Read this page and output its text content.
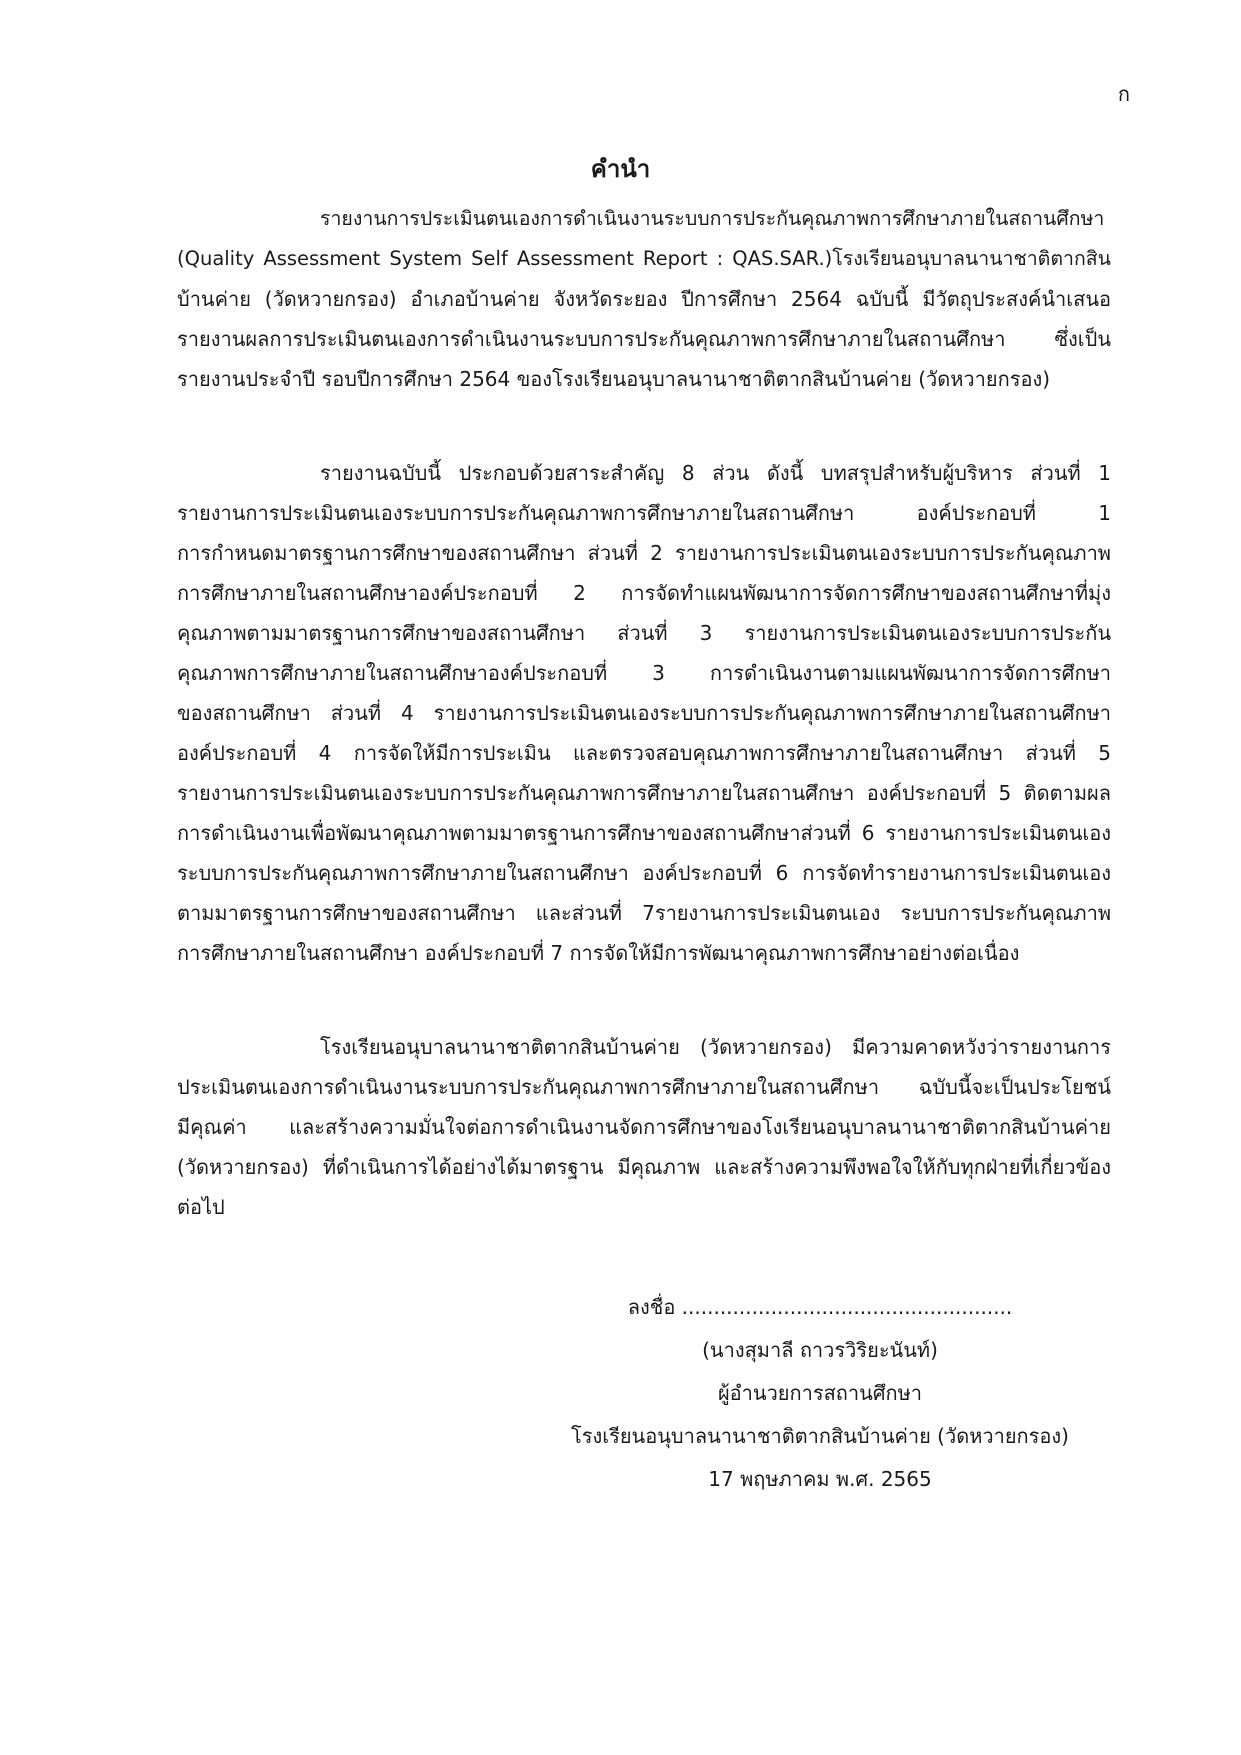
ก
คำนำ
รายงานการประเมินตนเองการดำเนินงานระบบการประกันคุณภาพการศึกษาภายในสถานศึกษา
(Quality Assessment System Self Assessment Report : QAS.SAR.)โรงเรียนอนุบาลนานาชาติตากสิน
บ้านค่าย (วัดหวายกรอง) อำเภอบ้านค่าย จังหวัดระยอง ปีการศึกษา 2564 ฉบับนี้ มีวัตถุประสงค์นำเสนอ
รายงานผลการประเมินตนเองการดำเนินงานระบบการประกันคุณภาพการศึกษาภายในสถานศึกษา ซึ่งเป็น
รายงานประจำปี รอบปีการศึกษา 2564 ของโรงเรียนอนุบาลนานาชาติตากสินบ้านค่าย (วัดหวายกรอง)
รายงานฉบับนี้ ประกอบด้วยสาระสำคัญ 8 ส่วน ดังนี้ บทสรุปสำหรับผู้บริหาร ส่วนที่ 1
รายงานการประเมินตนเองระบบการประกันคุณภาพการศึกษาภายในสถานศึกษา องค์ประกอบที่ 1
การกำหนดมาตรฐานการศึกษาของสถานศึกษา ส่วนที่ 2 รายงานการประเมินตนเองระบบการประกันคุณภาพ
การศึกษาภายในสถานศึกษาองค์ประกอบที่ 2 การจัดทำแผนพัฒนาการจัดการศึกษาของสถานศึกษาที่มุ่ง
คุณภาพตามมาตรฐานการศึกษาของสถานศึกษา ส่วนที่ 3 รายงานการประเมินตนเองระบบการประกัน
คุณภาพการศึกษาภายในสถานศึกษาองค์ประกอบที่ 3 การดำเนินงานตามแผนพัฒนาการจัดการศึกษา
ของสถานศึกษา ส่วนที่ 4 รายงานการประเมินตนเองระบบการประกันคุณภาพการศึกษาภายในสถานศึกษา
องค์ประกอบที่ 4 การจัดให้มีการประเมิน และตรวจสอบคุณภาพการศึกษาภายในสถานศึกษา ส่วนที่ 5
รายงานการประเมินตนเองระบบการประกันคุณภาพการศึกษาภายในสถานศึกษา องค์ประกอบที่ 5 ติดตามผล
การดำเนินงานเพื่อพัฒนาคุณภาพตามมาตรฐานการศึกษาของสถานศึกษาส่วนที่ 6 รายงานการประเมินตนเอง
ระบบการประกันคุณภาพการศึกษาภายในสถานศึกษา องค์ประกอบที่ 6 การจัดทำรายงานการประเมินตนเอง
ตามมาตรฐานการศึกษาของสถานศึกษา และส่วนที่ 7รายงานการประเมินตนเอง ระบบการประกันคุณภาพ
การศึกษาภายในสถานศึกษา องค์ประกอบที่ 7 การจัดให้มีการพัฒนาคุณภาพการศึกษาอย่างต่อเนื่อง
โรงเรียนอนุบาลนานาชาติตากสินบ้านค่าย (วัดหวายกรอง) มีความคาดหวังว่ารายงานการ
ประเมินตนเองการดำเนินงานระบบการประกันคุณภาพการศึกษาภายในสถานศึกษา ฉบับนี้จะเป็นประโยชน์
มีคุณค่า และสร้างความมั่นใจต่อการดำเนินงานจัดการศึกษาของโงเรียนอนุบาลนานาชาติตากสินบ้านค่าย
(วัดหวายกรอง) ที่ดำเนินการได้อย่างได้มาตรฐาน มีคุณภาพ และสร้างความพึงพอใจให้กับทุกฝ่ายที่เกี่ยวข้อง
ต่อไป
ลงชื่อ ....................................................
(นางสุมาลี ถาวรวิริยะนันท์)
ผู้อำนวยการสถานศึกษา
โรงเรียนอนุบาลนานาชาติตากสินบ้านค่าย (วัดหวายกรอง)
17 พฤษภาคม พ.ศ. 2565
